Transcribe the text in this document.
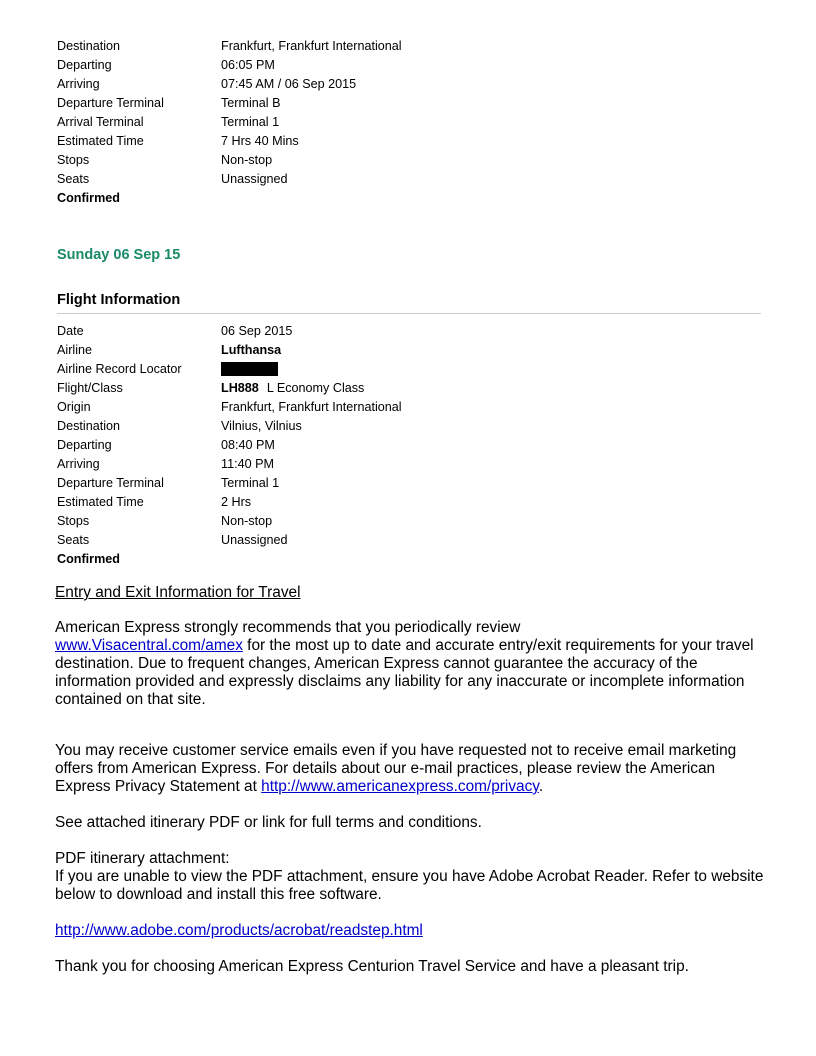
Destination	Frankfurt, Frankfurt International
Departing	06:05 PM
Arriving	07:45 AM / 06 Sep 2015
Departure Terminal	Terminal B
Arrival Terminal	Terminal 1
Estimated Time	7 Hrs 40 Mins
Stops	Non-stop
Seats	Unassigned
Confirmed
Sunday 06 Sep 15
Flight Information
Date	06 Sep 2015
Airline	Lufthansa
Airline Record Locator
Flight/Class	LH888 L Economy Class
Origin	Frankfurt, Frankfurt International
Destination	Vilnius, Vilnius
Departing	08:40 PM
Arriving	11:40 PM
Departure Terminal	Terminal 1
Estimated Time	2 Hrs
Stops	Non-stop
Seats	Unassigned
Confirmed
Entry and Exit Information for Travel
American Express strongly recommends that you periodically review
www.Visacentral.com/amex for the most up to date and accurate entry/exit requirements for your travel destination. Due to frequent changes, American Express cannot guarantee the accuracy of the information provided and expressly disclaims any liability for any inaccurate or incomplete information contained on that site.
You may receive customer service emails even if you have requested not to receive email marketing offers from American Express. For details about our e-mail practices, please review the American Express Privacy Statement at http://www.americanexpress.com/privacy.
See attached itinerary PDF or link for full terms and conditions.
PDF itinerary attachment:
If you are unable to view the PDF attachment, ensure you have Adobe Acrobat Reader. Refer to website below to download and install this free software.
http://www.adobe.com/products/acrobat/readstep.html
Thank you for choosing American Express Centurion Travel Service and have a pleasant trip.
